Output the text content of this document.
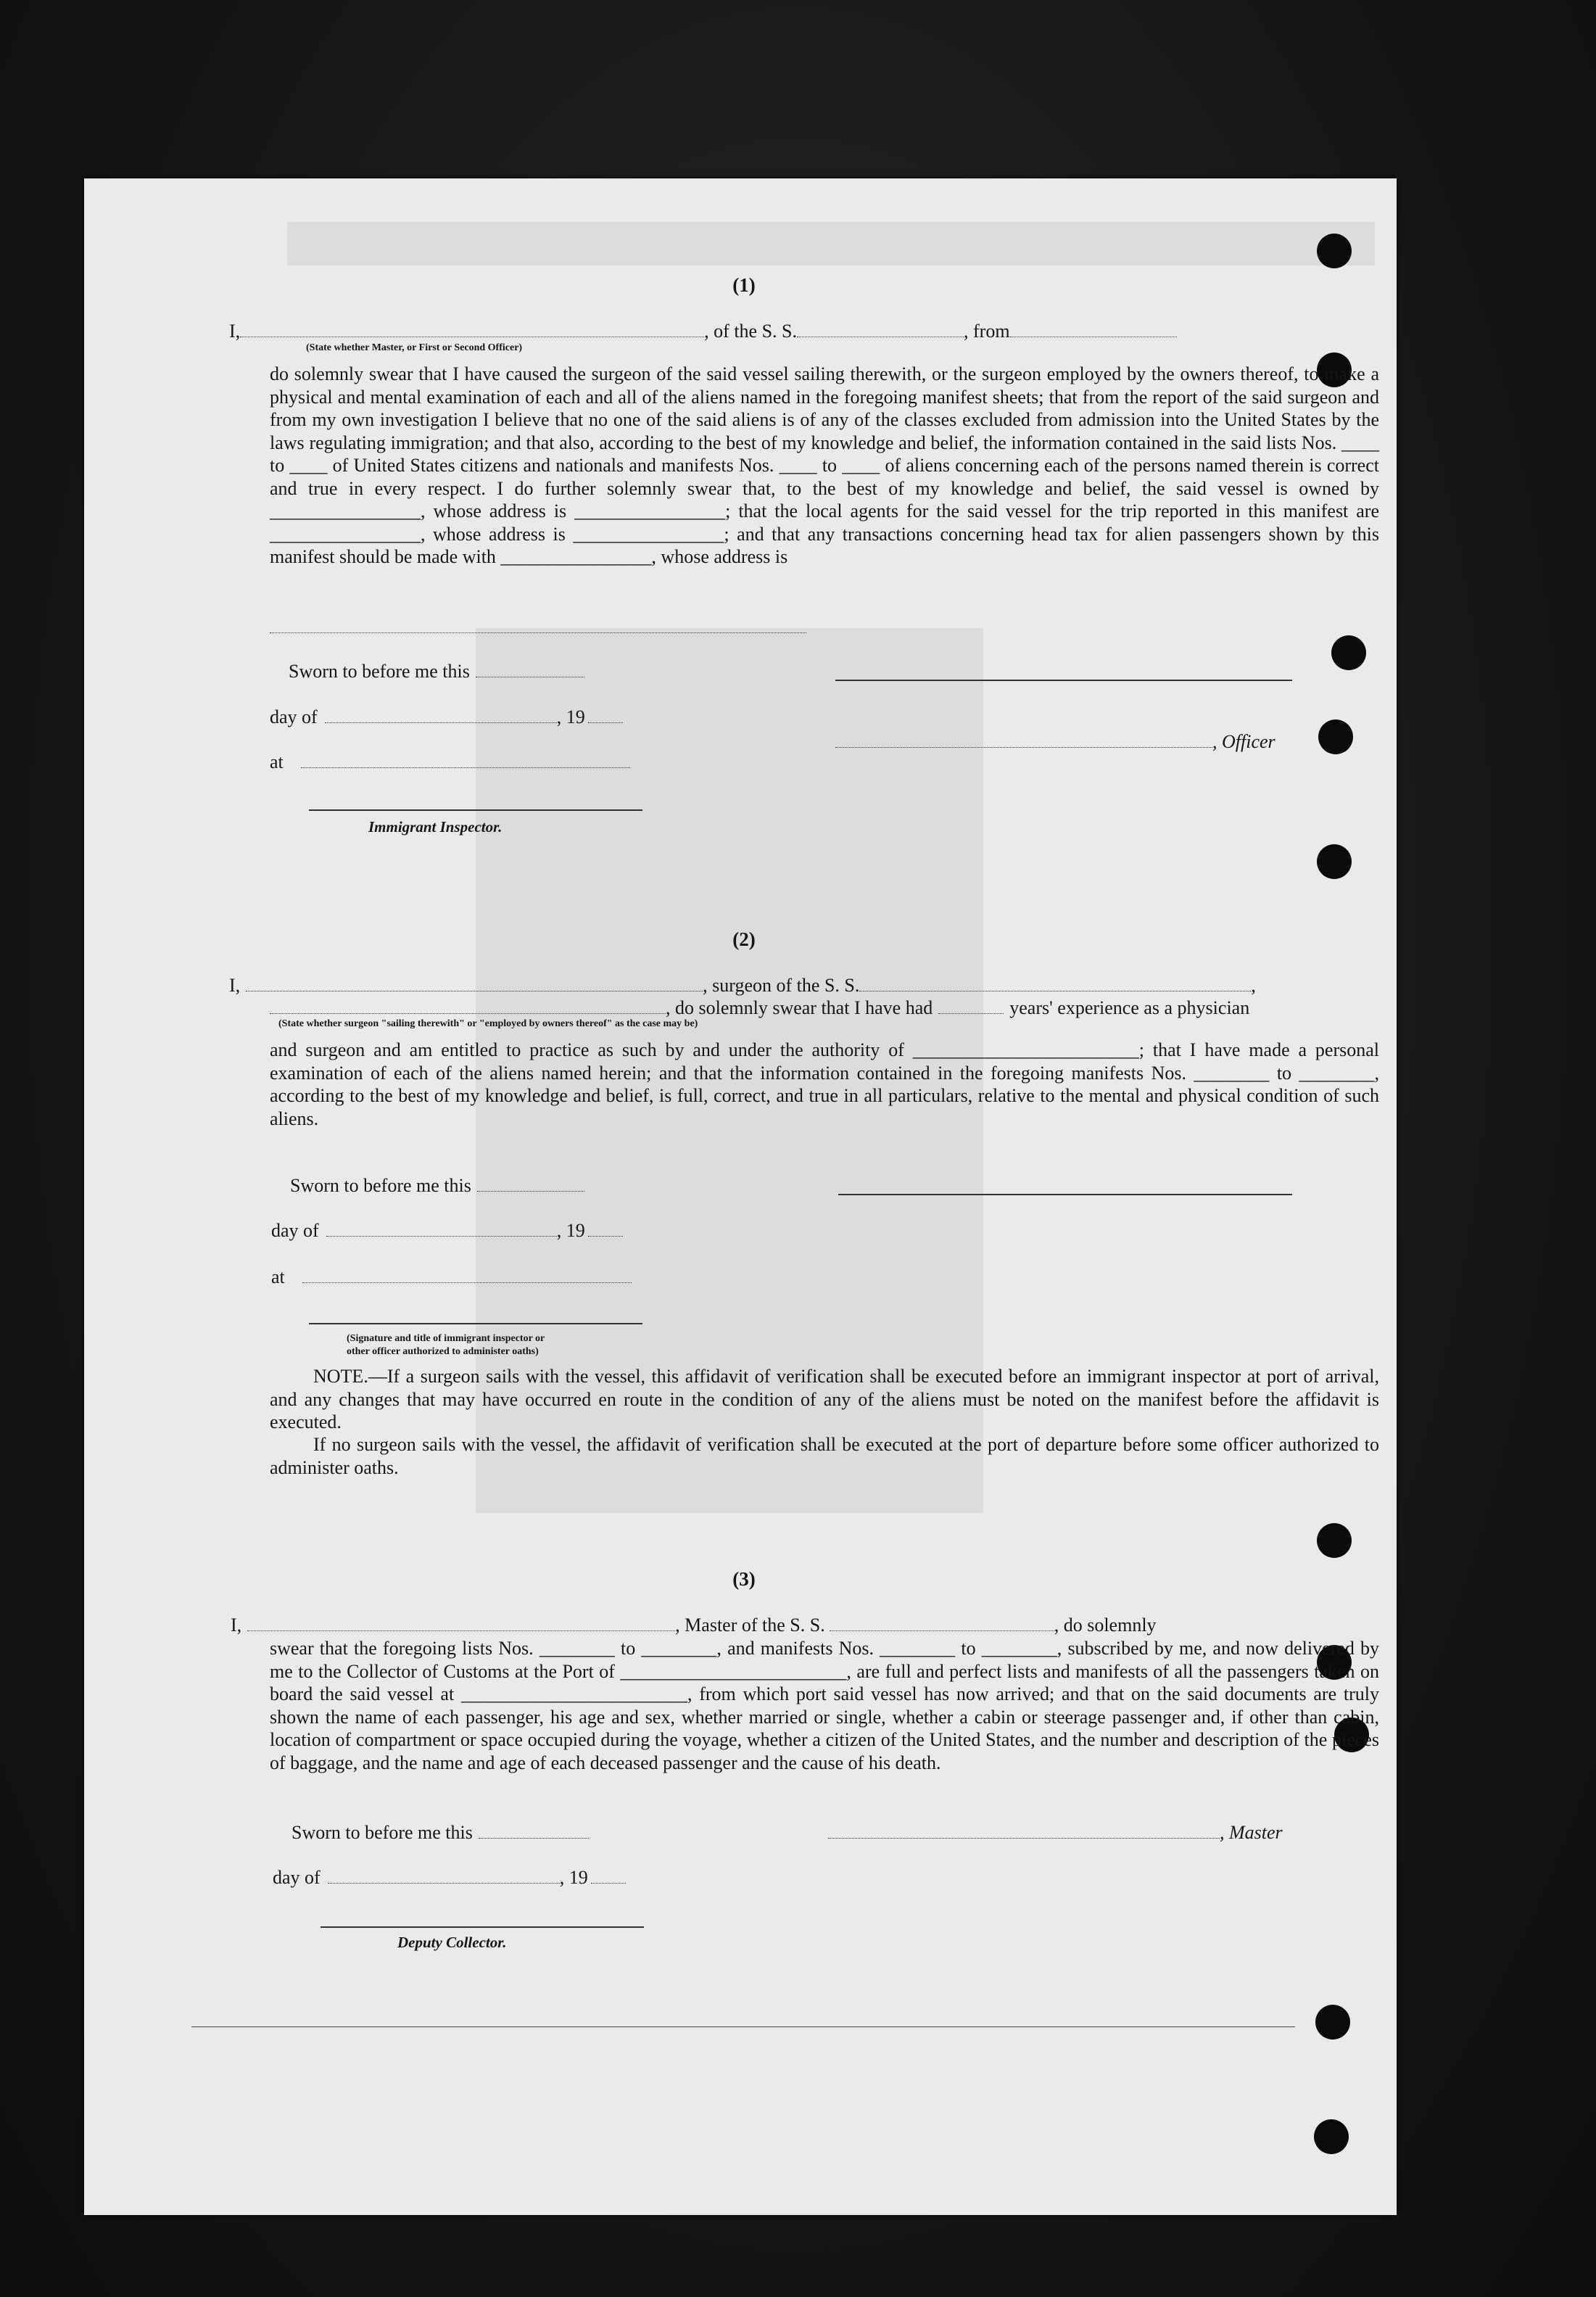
(1)
I,	, of the S. S.	, from
(State whether Master, or First or Second Officer)
do solemnly swear that I have caused the surgeon of the said vessel sailing therewith, or the surgeon employed by the owners thereof, to make a physical and mental examination of each and all of the aliens named in the foregoing manifest sheets; that from the report of the said surgeon and from my own investigation I believe that no one of the said aliens is of any of the classes excluded from admission into the United States by the laws regulating immigration; and that also, according to the best of my knowledge and belief, the information contained in the said lists Nos. ____ to ____ of United States citizens and nationals and manifests Nos. ____ to ____ of aliens concerning each of the persons named therein is correct and true in every respect. I do further solemnly swear that, to the best of my knowledge and belief, the said vessel is owned by ________________, whose address is ________________; that the local agents for the said vessel for the trip reported in this manifest are ________________, whose address is ________________; and that any transactions concerning head tax for alien passengers shown by this manifest should be made with ________________, whose address is
Sworn to before me this
day of	, 19
, Officer
at
Immigrant Inspector.
(2)
I,	, surgeon of the S. S.	,
, do solemnly swear that I have had	years' experience as a physician
(State whether surgeon "sailing therewith" or "employed by owners thereof" as the case may be)
and surgeon and am entitled to practice as such by and under the authority of ________________________; that I have made a personal examination of each of the aliens named herein; and that the information contained in the foregoing manifests Nos. ________ to ________, according to the best of my knowledge and belief, is full, correct, and true in all particulars, relative to the mental and physical condition of such aliens.
Sworn to before me this
day of	, 19
at
(Signature and title of immigrant inspector or
other officer authorized to administer oaths)
NOTE.—If a surgeon sails with the vessel, this affidavit of verification shall be executed before an immigrant inspector at port of arrival, and any changes that may have occurred en route in the condition of any of the aliens must be noted on the manifest before the affidavit is executed.
If no surgeon sails with the vessel, the affidavit of verification shall be executed at the port of departure before some officer authorized to administer oaths.
(3)
I,	, Master of the S. S.	, do solemnly
swear that the foregoing lists Nos. ________ to ________, and manifests Nos. ________ to ________, subscribed by me, and now delivered by me to the Collector of Customs at the Port of ________________________, are full and perfect lists and manifests of all the passengers taken on board the said vessel at ________________________, from which port said vessel has now arrived; and that on the said documents are truly shown the name of each passenger, his age and sex, whether married or single, whether a cabin or steerage passenger and, if other than cabin, location of compartment or space occupied during the voyage, whether a citizen of the United States, and the number and description of the pieces of baggage, and the name and age of each deceased passenger and the cause of his death.
Sworn to before me this	, Master
day of	, 19
Deputy Collector.
